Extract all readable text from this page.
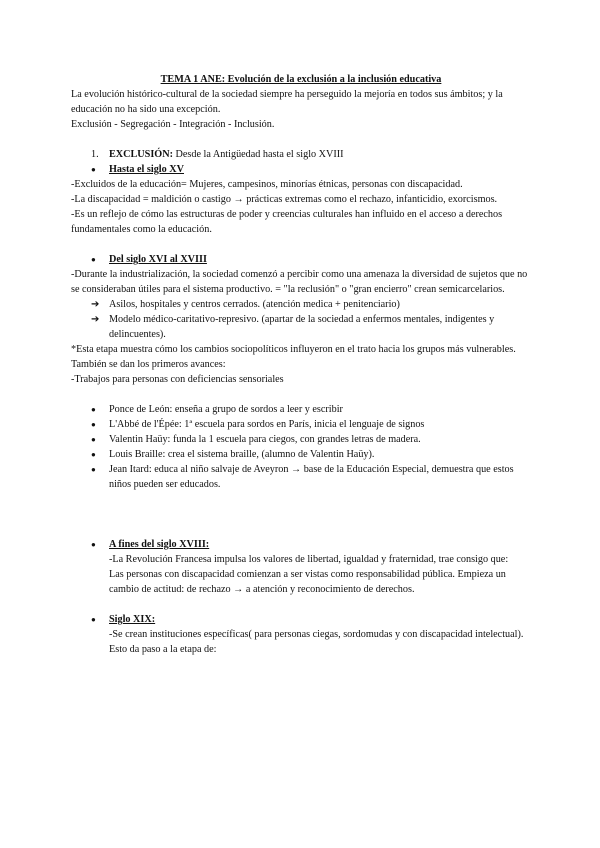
TEMA 1 ANE: Evolución de la exclusión a la inclusión educativa

La evolución histórico-cultural de la sociedad siempre ha perseguido la mejoría en todos sus ámbitos; y la educación no ha sido una excepción.

Exclusión - Segregación - Integración - Inclusión.

1.	EXCLUSIÓN: Desde la Antigüedad hasta el siglo XVIII
●	Hasta el siglo XV

-Excluidos de la educación= Mujeres, campesinos, minorías étnicas, personas con discapacidad.

-La discapacidad = maldición o castigo → prácticas extremas como el rechazo, infanticidio, exorcismos.

-Es un reflejo de cómo las estructuras de poder y creencias culturales han influido en el acceso a derechos fundamentales como la educación.

●	Del siglo XVI al XVIII

-Durante la industrialización, la sociedad comenzó a percibir como una amenaza la diversidad de sujetos que no se consideraban útiles para el sistema productivo. = "la reclusión" o "gran encierro" crean semicarcelarios.

➔ Asilos, hospitales y centros cerrados. (atención medica + penitenciario)
➔ Modelo médico-caritativo-represivo. (apartar de la sociedad a enfermos mentales, indigentes y delincuentes).

*Esta etapa muestra cómo los cambios sociopolíticos influyeron en el trato hacia los grupos más vulnerables.

También se dan los primeros avances:

-Trabajos para personas con deficiencias sensoriales

●	Ponce de León: enseña a grupo de sordos a leer y escribir
●	L'Abbé de l'Épée: 1ª escuela para sordos en París, inicia el lenguaje de signos
●	Valentin Haüy: funda la 1 escuela para ciegos, con grandes letras de madera.
●	Louis Braille: crea el sistema braille, (alumno de Valentin Haüy).
●	Jean Itard: educa al niño salvaje de Aveyron → base de la Educación Especial, demuestra que estos niños pueden ser educados.
●	A fines del siglo XVIII:

-La Revolución Francesa impulsa los valores de libertad, igualdad y fraternidad, trae consigo que:

Las personas con discapacidad comienzan a ser vistas como responsabilidad pública. Empieza un cambio de actitud: de rechazo → a atención y reconocimiento de derechos.

●	Siglo XIX:

-Se crean instituciones específicas( para personas ciegas, sordomudas y con discapacidad intelectual). Esto da paso a la etapa de:
